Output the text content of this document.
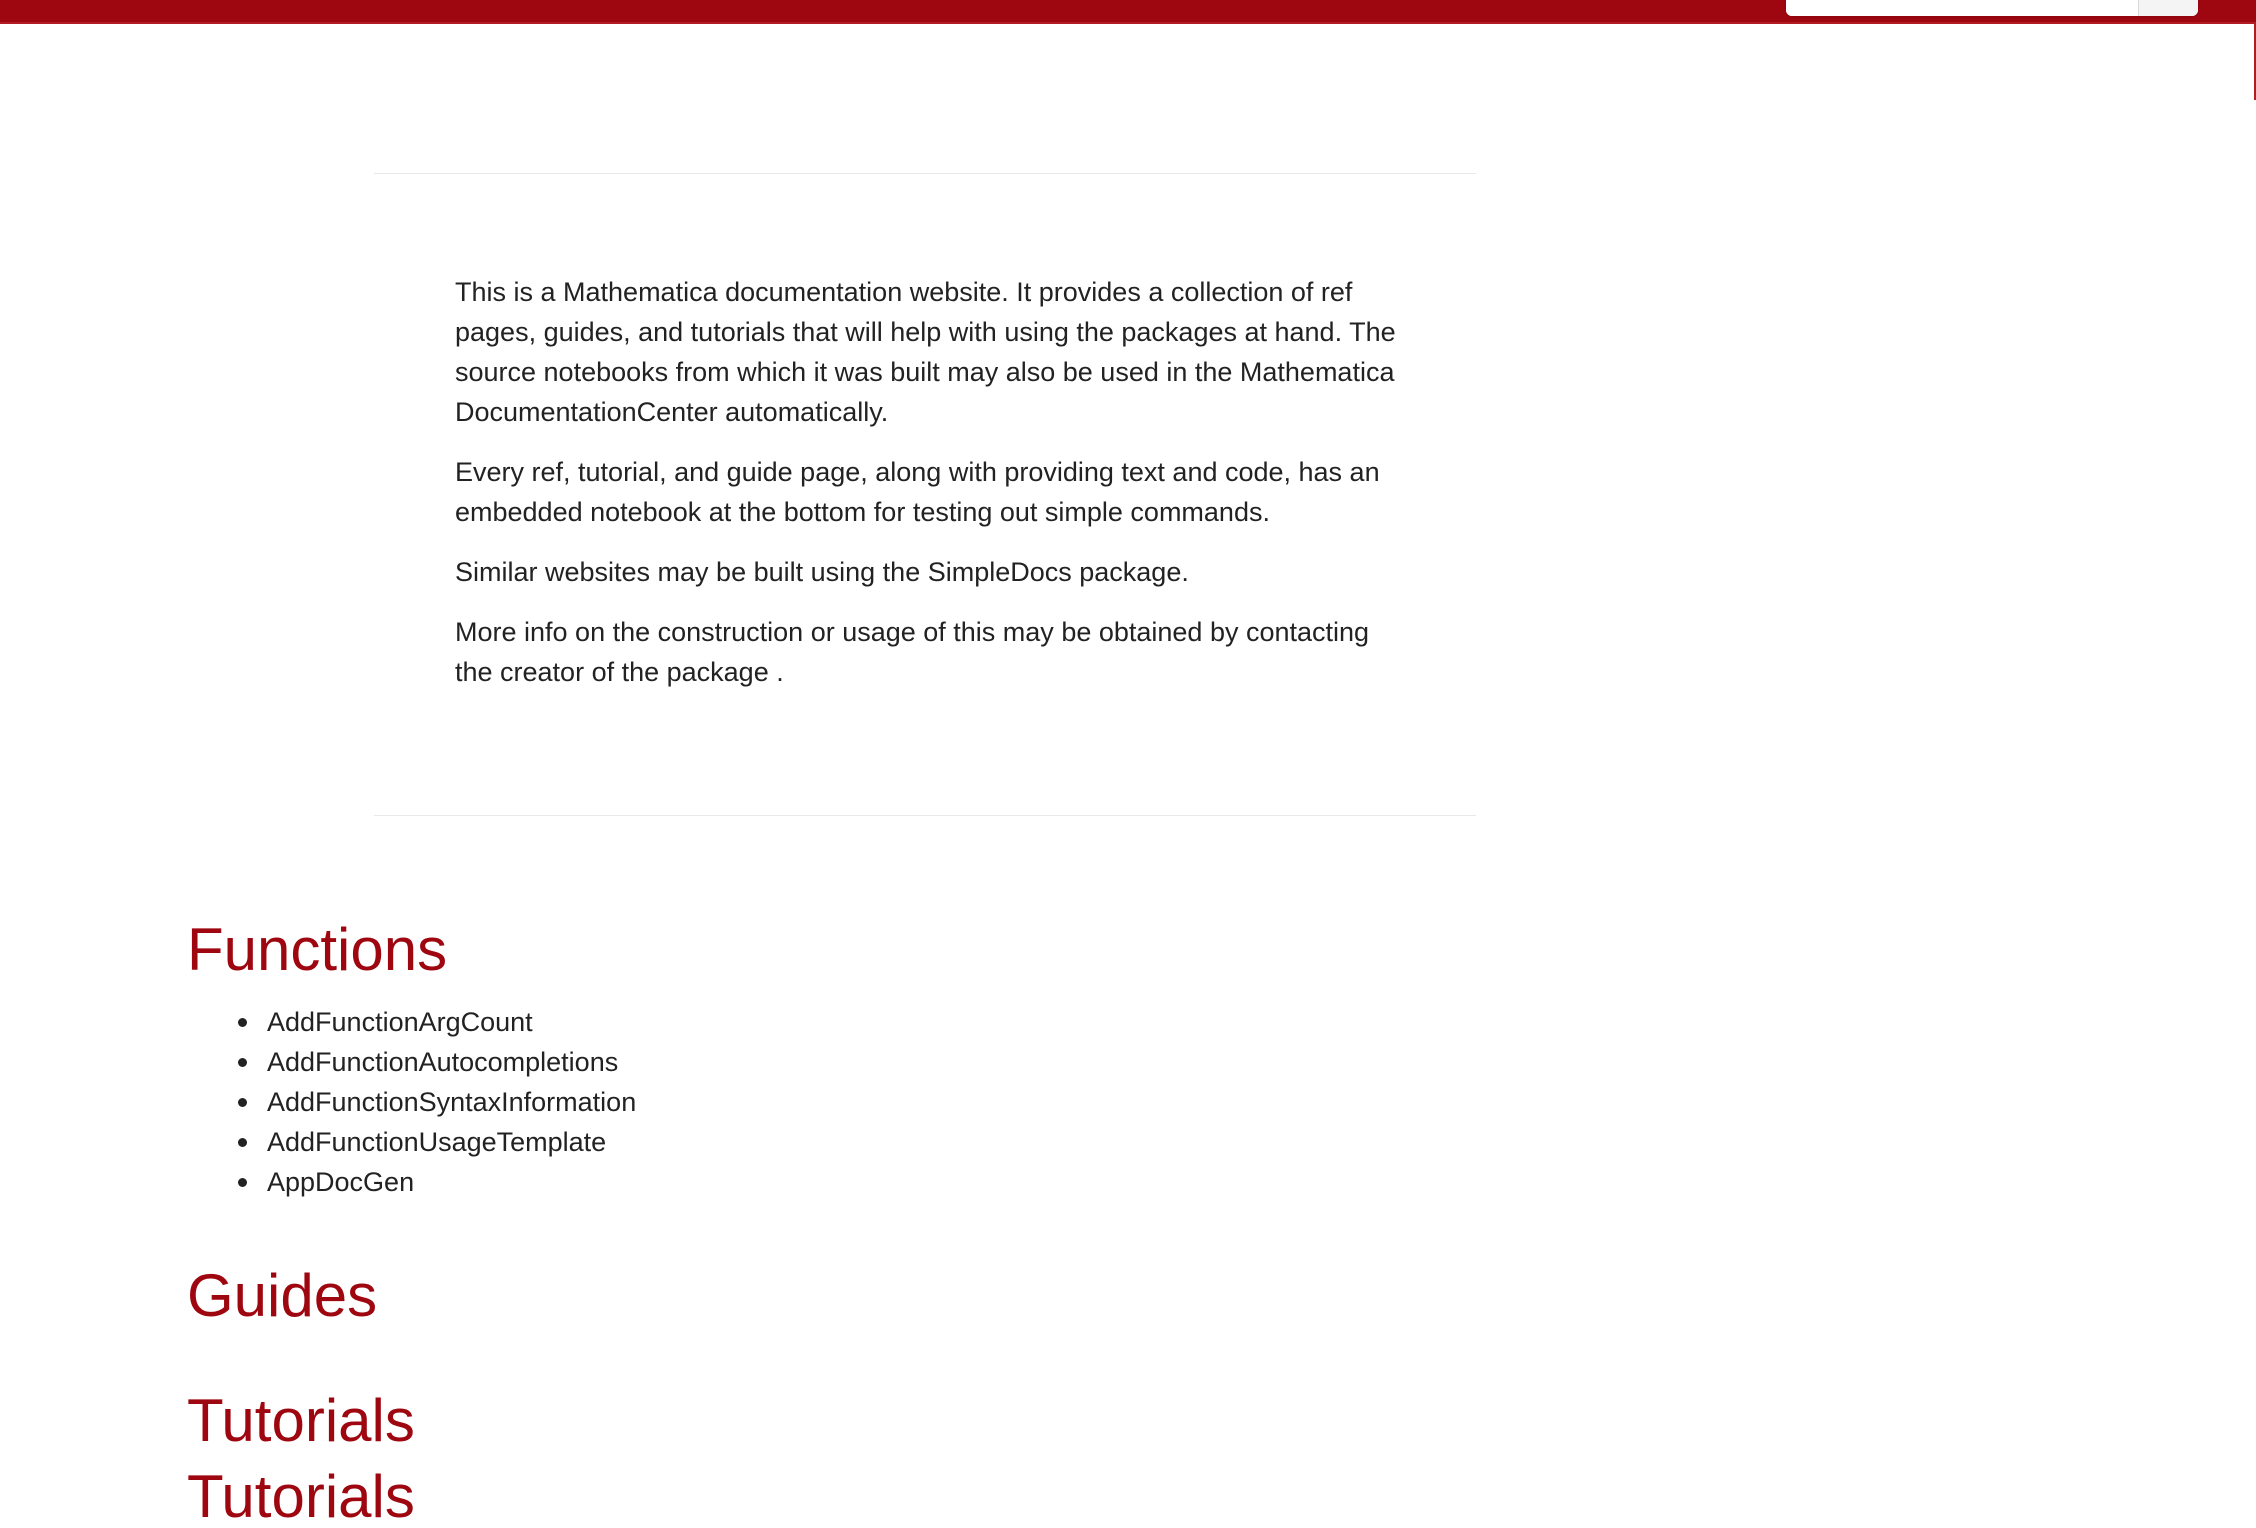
This is a Mathematica documentation website. It provides a collection of ref pages, guides, and tutorials that will help with using the packages at hand. The source notebooks from which it was built may also be used in the Mathematica DocumentationCenter automatically.

Every ref, tutorial, and guide page, along with providing text and code, has an embedded notebook at the bottom for testing out simple commands.

Similar websites may be built using the SimpleDocs package.

More info on the construction or usage of this may be obtained by contacting the creator of the package .

Functions
AddFunctionArgCount
AddFunctionAutocompletions
AddFunctionSyntaxInformation
AddFunctionUsageTemplate
AppDocGen
Guides
Tutorials
Tutorials
